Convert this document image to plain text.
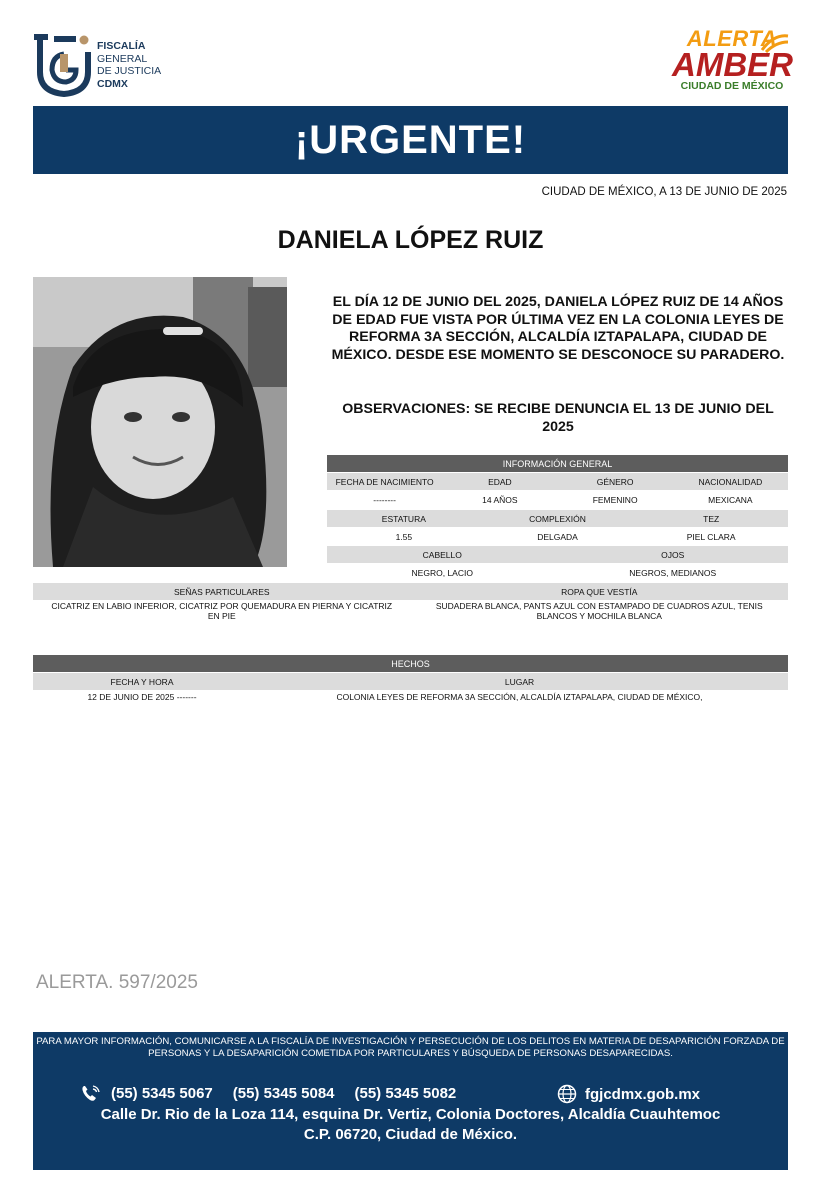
FISCALÍA
GENERAL
DE JUSTICIA
CDMX
ALERTA
AMBER
CIUDAD DE MÉXICO
¡URGENTE!
CIUDAD DE MÉXICO, A 13 DE JUNIO DE 2025
DANIELA LÓPEZ RUIZ
EL DÍA 12 DE JUNIO DEL 2025, DANIELA LÓPEZ RUIZ DE 14 AÑOS DE EDAD FUE VISTA POR ÚLTIMA VEZ EN LA COLONIA LEYES DE REFORMA 3A SECCIÓN, ALCALDÍA IZTAPALAPA, CIUDAD DE MÉXICO. DESDE ESE MOMENTO SE DESCONOCE SU PARADERO.
OBSERVACIONES: SE RECIBE DENUNCIA EL 13 DE JUNIO DEL 2025
INFORMACIÓN GENERAL
FECHA DE NACIMIENTO	EDAD	GÉNERO	NACIONALIDAD
--------	14 AÑOS	FEMENINO	MEXICANA
ESTATURA	COMPLEXIÓN	TEZ
1.55	DELGADA	PIEL CLARA
CABELLO	OJOS
NEGRO, LACIO	NEGROS, MEDIANOS
SEÑAS PARTICULARES	ROPA QUE VESTÍA
CICATRIZ EN LABIO INFERIOR, CICATRIZ POR QUEMADURA EN PIERNA Y CICATRIZ EN PIE
SUDADERA BLANCA, PANTS AZUL CON ESTAMPADO DE CUADROS AZUL, TENIS BLANCOS Y MOCHILA BLANCA
HECHOS
FECHA Y HORA	LUGAR
12 DE JUNIO DE 2025 -------	COLONIA LEYES DE REFORMA 3A SECCIÓN, ALCALDÍA IZTAPALAPA, CIUDAD DE MÉXICO,
ALERTA. 597/2025
PARA MAYOR INFORMACIÓN, COMUNICARSE A LA FISCALÍA DE INVESTIGACIÓN Y PERSECUCIÓN DE LOS DELITOS EN MATERIA DE DESAPARICIÓN FORZADA DE PERSONAS Y LA DESAPARICIÓN COMETIDA POR PARTICULARES Y BÚSQUEDA DE PERSONAS DESAPARECIDAS.
(55) 5345 5067 (55) 5345 5084 (55) 5345 5082	fgjcdmx.gob.mx
Calle Dr. Rio de la Loza 114, esquina Dr. Vertiz, Colonia Doctores, Alcaldía Cuauhtemoc
C.P. 06720, Ciudad de México.
